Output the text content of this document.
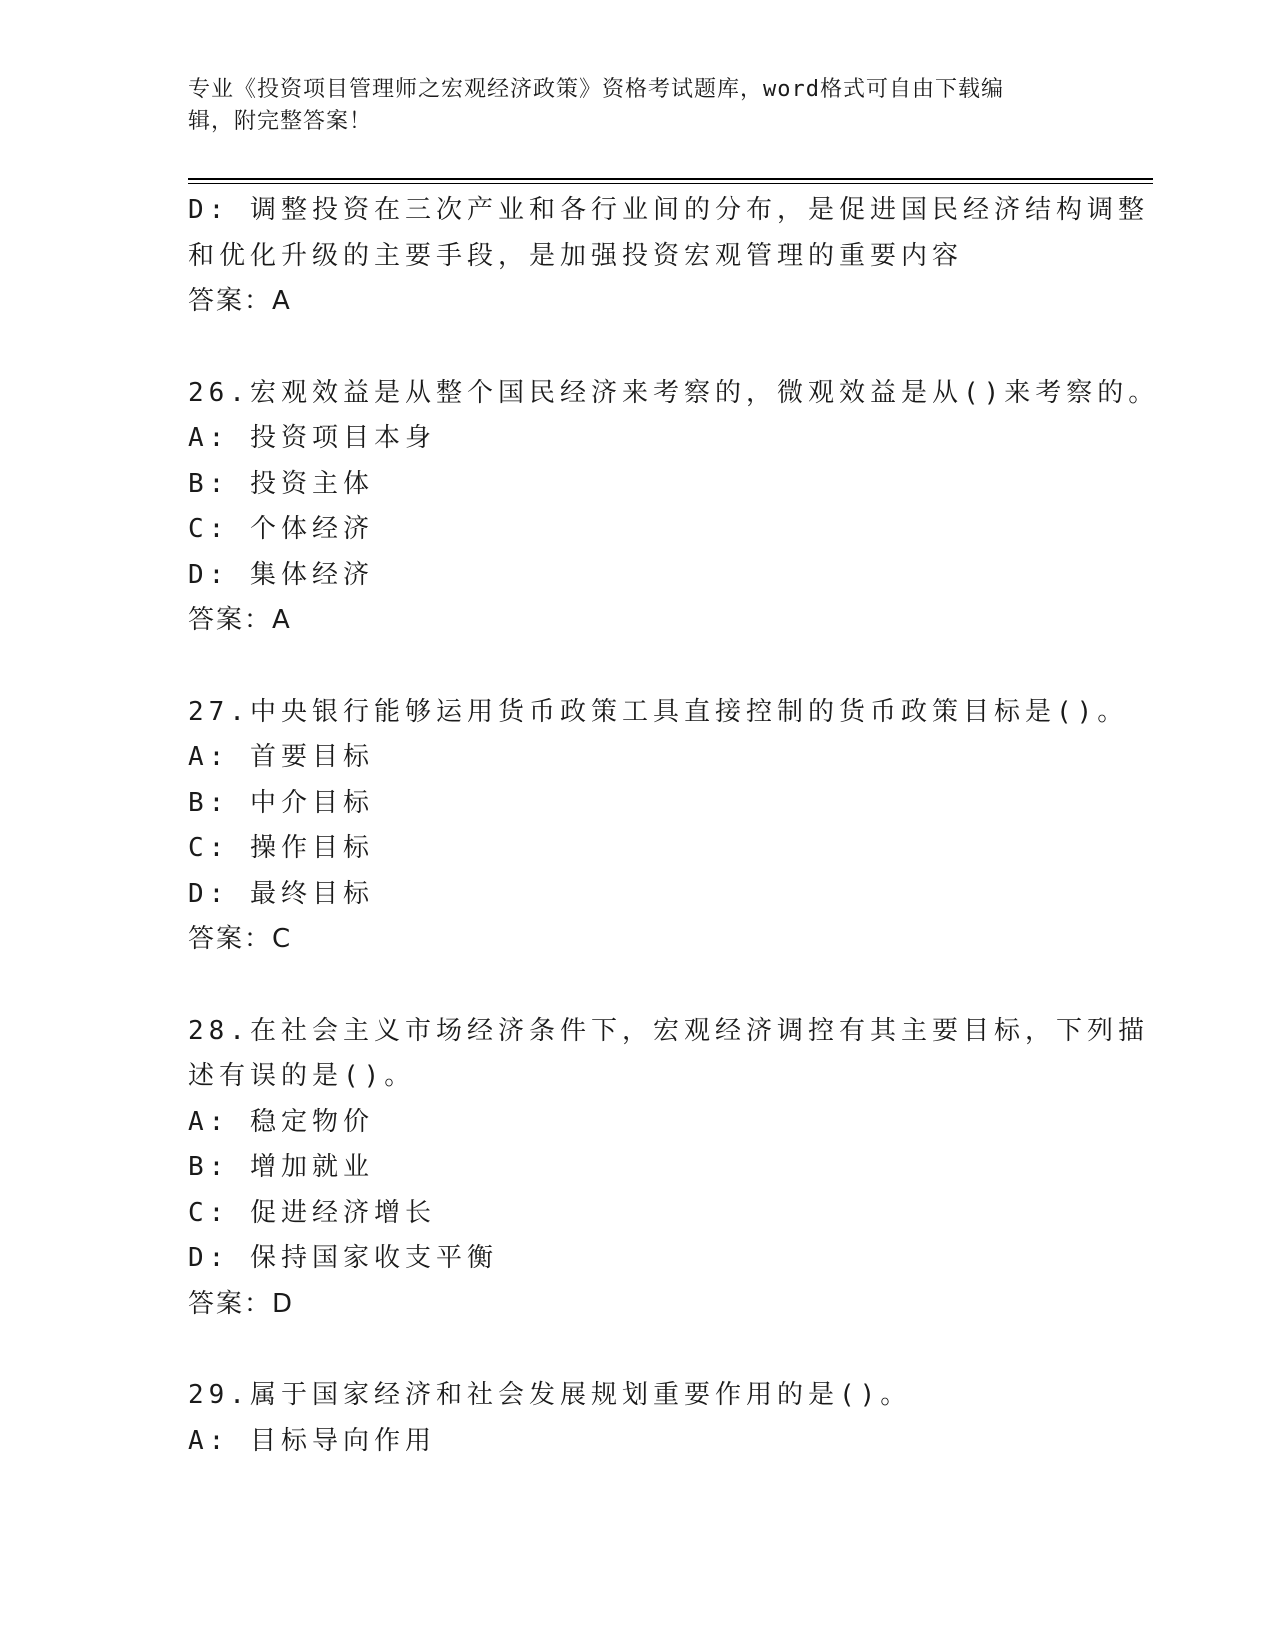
专业《投资项目管理师之宏观经济政策》资格考试题库，word格式可自由下载编
辑，附完整答案！
D: 调整投资在三次产业和各行业间的分布，是促进国民经济结构调整
和优化升级的主要手段，是加强投资宏观管理的重要内容
答案：A
26.宏观效益是从整个国民经济来考察的，微观效益是从()来考察的。
A: 投资项目本身
B: 投资主体
C: 个体经济
D: 集体经济
答案：A
27.中央银行能够运用货币政策工具直接控制的货币政策目标是()。
A: 首要目标
B: 中介目标
C: 操作目标
D: 最终目标
答案：C
28.在社会主义市场经济条件下，宏观经济调控有其主要目标，下列描
述有误的是()。
A: 稳定物价
B: 增加就业
C: 促进经济增长
D: 保持国家收支平衡
答案：D
29.属于国家经济和社会发展规划重要作用的是()。
A: 目标导向作用
